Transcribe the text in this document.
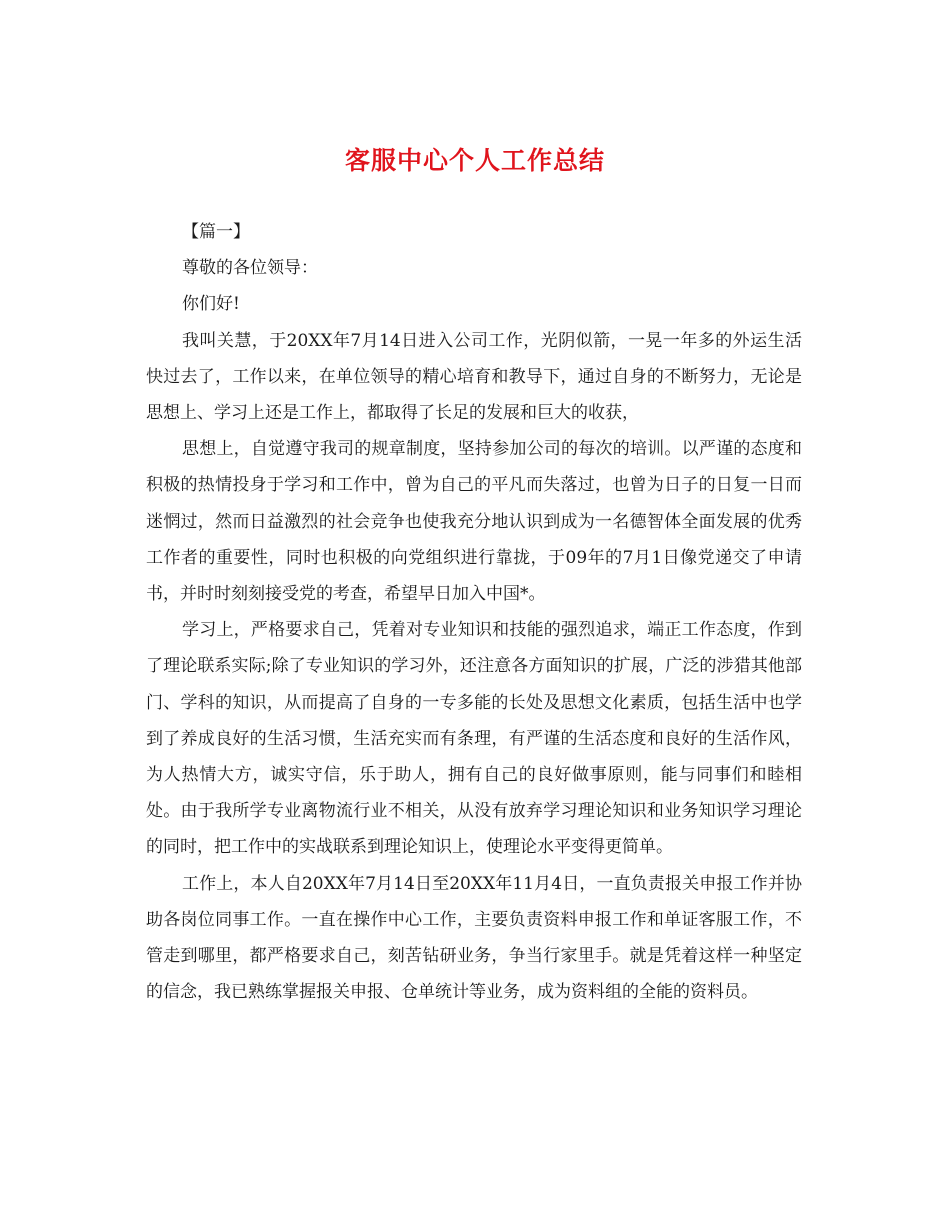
客服中心个人工作总结

【篇一】

尊敬的各位领导：

你们好!

我叫关慧，于20XX年7月14日进入公司工作，光阴似箭，一晃一年多的外运生活快过去了，工作以来，在单位领导的精心培育和教导下，通过自身的不断努力，无论是思想上、学习上还是工作上，都取得了长足的发展和巨大的收获，

思想上，自觉遵守我司的规章制度，坚持参加公司的每次的培训。以严谨的态度和积极的热情投身于学习和工作中，曾为自己的平凡而失落过，也曾为日子的日复一日而迷惘过，然而日益激烈的社会竞争也使我充分地认识到成为一名德智体全面发展的优秀工作者的重要性，同时也积极的向党组织进行靠拢，于09年的7月1日像党递交了申请书，并时时刻刻接受党的考查，希望早日加入中国*。

学习上，严格要求自己，凭着对专业知识和技能的强烈追求，端正工作态度，作到了理论联系实际;除了专业知识的学习外，还注意各方面知识的扩展，广泛的涉猎其他部门、学科的知识，从而提高了自身的一专多能的长处及思想文化素质，包括生活中也学到了养成良好的生活习惯，生活充实而有条理，有严谨的生活态度和良好的生活作风，为人热情大方，诚实守信，乐于助人，拥有自己的良好做事原则，能与同事们和睦相处。由于我所学专业离物流行业不相关，从没有放弃学习理论知识和业务知识学习理论的同时，把工作中的实战联系到理论知识上，使理论水平变得更简单。

工作上，本人自20XX年7月14日至20XX年11月4日，一直负责报关申报工作并协助各岗位同事工作。一直在操作中心工作，主要负责资料申报工作和单证客服工作，不管走到哪里，都严格要求自己，刻苦钻研业务，争当行家里手。就是凭着这样一种坚定的信念，我已熟练掌握报关申报、仓单统计等业务，成为资料组的全能的资料员。
